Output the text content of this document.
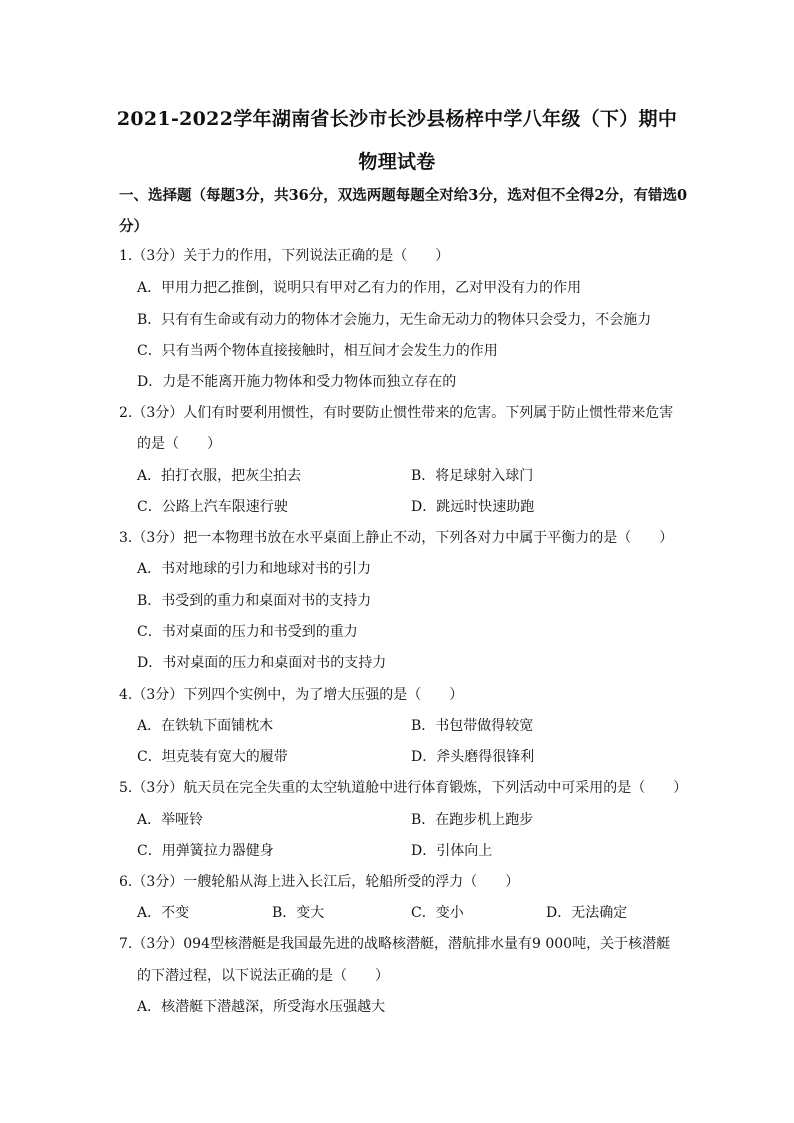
2021-2022学年湖南省长沙市长沙县杨梓中学八年级（下）期中
物理试卷
一、选择题（每题3分，共36分，双选两题每题全对给3分，选对但不全得2分，有错选0分）
1.（3分）关于力的作用，下列说法正确的是（　　）
A．甲用力把乙推倒，说明只有甲对乙有力的作用，乙对甲没有力的作用
B．只有有生命或有动力的物体才会施力，无生命无动力的物体只会受力，不会施力
C．只有当两个物体直接接触时，相互间才会发生力的作用
D．力是不能离开施力物体和受力物体而独立存在的
2.（3分）人们有时要利用惯性，有时要防止惯性带来的危害。下列属于防止惯性带来危害
的是（　　）
A．拍打衣服，把灰尘拍去	B．将足球射入球门
C．公路上汽车限速行驶	D．跳远时快速助跑
3.（3分）把一本物理书放在水平桌面上静止不动，下列各对力中属于平衡力的是（　　）
A．书对地球的引力和地球对书的引力
B．书受到的重力和桌面对书的支持力
C．书对桌面的压力和书受到的重力
D．书对桌面的压力和桌面对书的支持力
4.（3分）下列四个实例中，为了增大压强的是（　　）
A．在铁轨下面铺枕木	B．书包带做得较宽
C．坦克装有宽大的履带	D．斧头磨得很锋利
5.（3分）航天员在完全失重的太空轨道舱中进行体育锻炼，下列活动中可采用的是（　　）
A．举哑铃	B．在跑步机上跑步
C．用弹簧拉力器健身	D．引体向上
6.（3分）一艘轮船从海上进入长江后，轮船所受的浮力（　　）
A．不变	B．变大	C．变小	D．无法确定
7.（3分）094型核潜艇是我国最先进的战略核潜艇，潜航排水量有9 000吨，关于核潜艇
的下潜过程，以下说法正确的是（　　）
A．核潜艇下潜越深，所受海水压强越大
